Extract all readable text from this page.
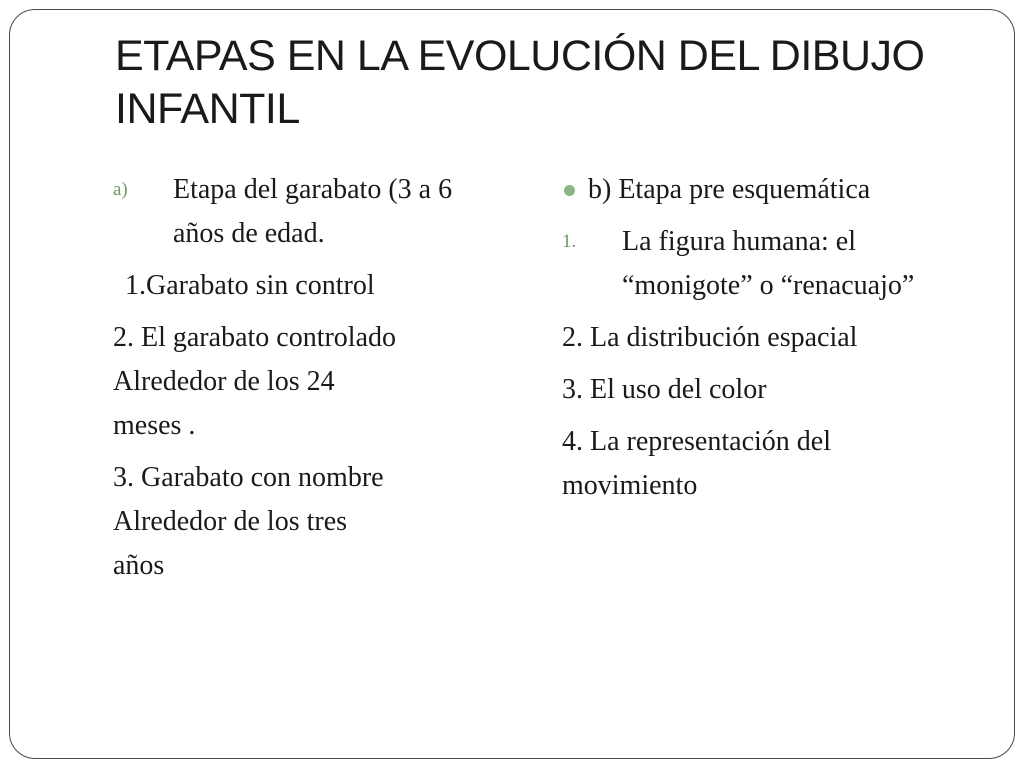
ETAPAS EN LA EVOLUCIÓN DEL DIBUJO
INFANTIL
a) Etapa del garabato (3 a 6
años de edad.
1.Garabato sin control
2. El garabato controlado
Alrededor de los 24
meses .
3. Garabato con nombre
Alrededor de los tres
años
b) Etapa pre esquemática
1. La figura humana: el
“monigote” o “renacuajo”
2. La distribución espacial
3. El uso del color
4. La representación del
movimiento
